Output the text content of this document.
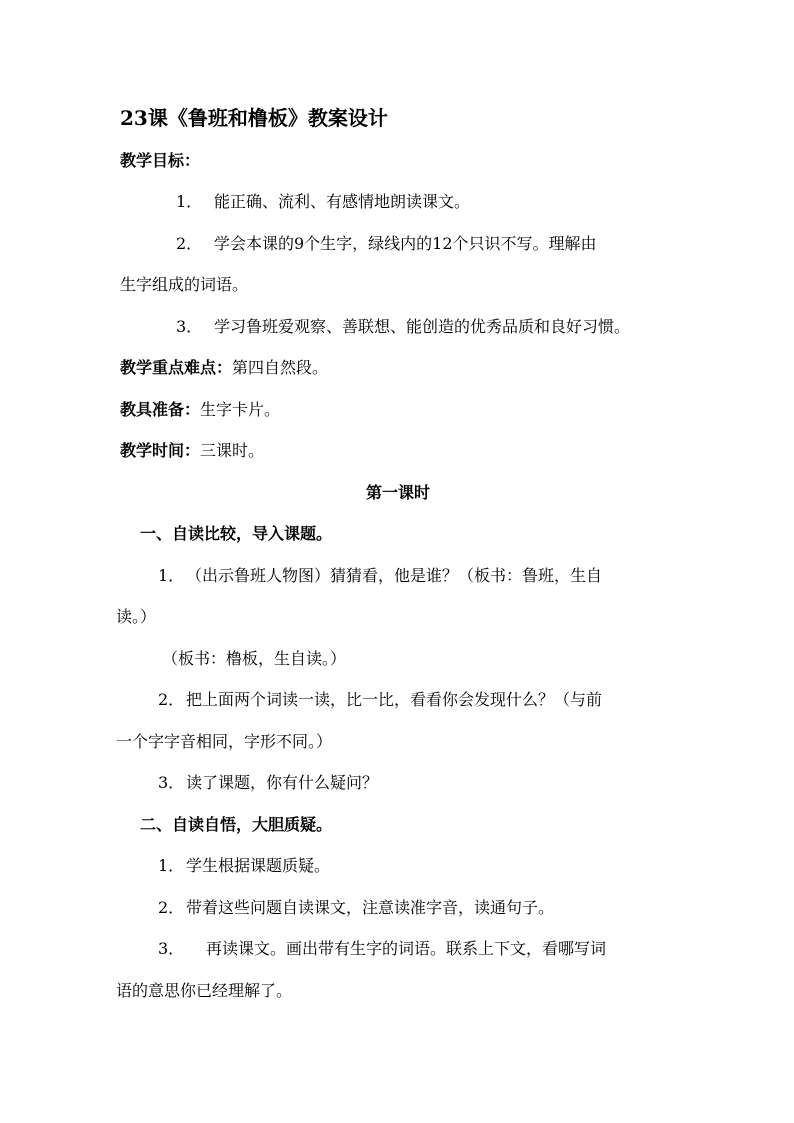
23课《鲁班和橹板》教案设计
教学目标：
1． 能正确、流利、有感情地朗读课文。
2． 学会本课的9个生字，绿线内的12个只识不写。理解由
生字组成的词语。
3． 学习鲁班爱观察、善联想、能创造的优秀品质和良好习惯。
教学重点难点：第四自然段。
教具准备：生字卡片。
教学时间：三课时。
第一课时
一、自读比较，导入课题。
1． （出示鲁班人物图）猜猜看，他是谁？（板书：鲁班，生自
读。）
（板书：橹板，生自读。）
2． 把上面两个词读一读，比一比，看看你会发现什么？（与前
一个字字音相同，字形不同。）
3． 读了课题，你有什么疑问？
二、自读自悟，大胆质疑。
1． 学生根据课题质疑。
2． 带着这些问题自读课文，注意读准字音，读通句子。
3． 再读课文。画出带有生字的词语。联系上下文，看哪写词
语的意思你已经理解了。
